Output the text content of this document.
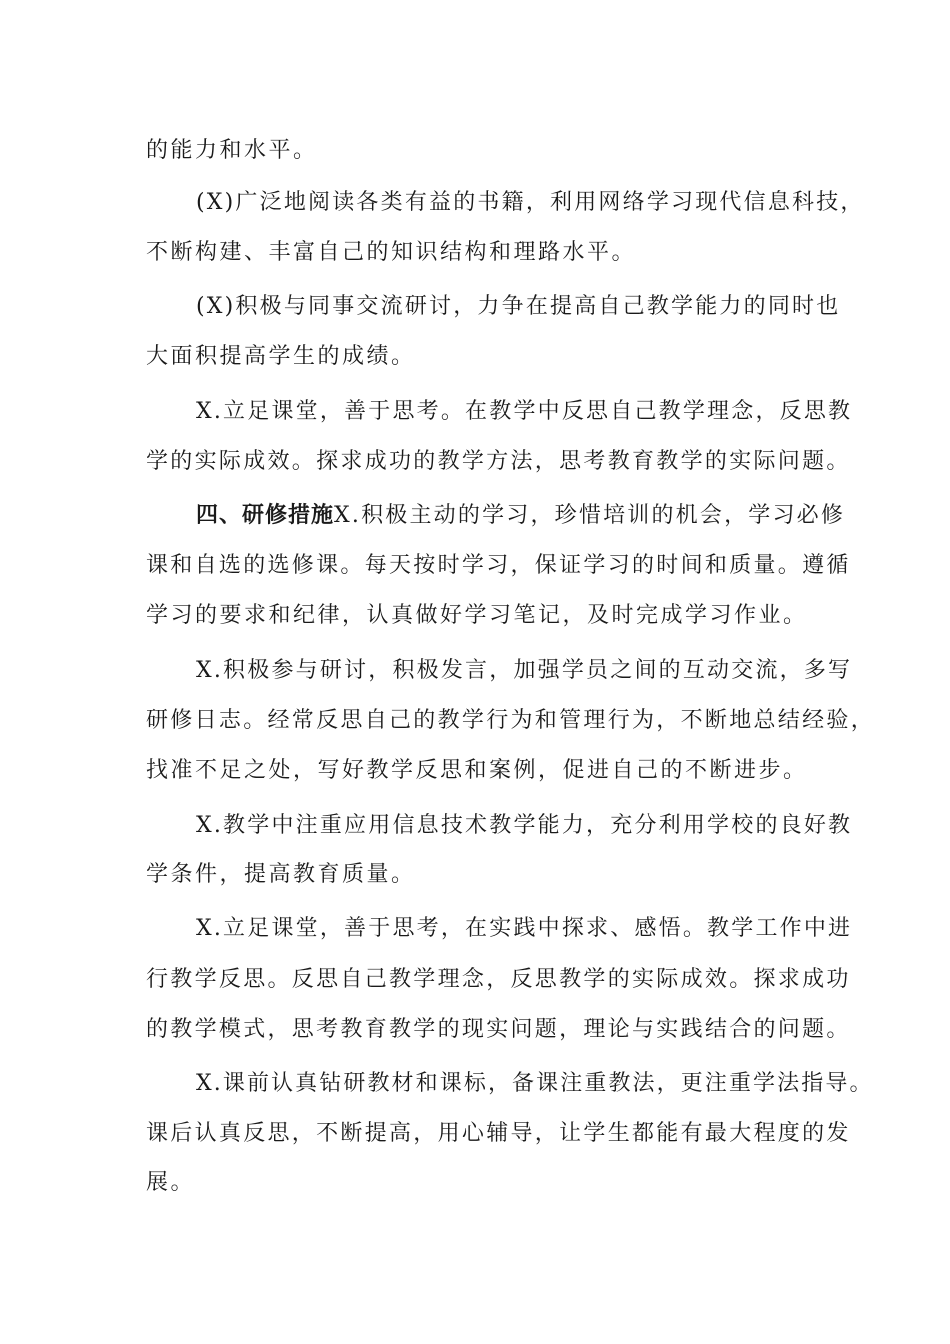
的能力和水平。
(X)广泛地阅读各类有益的书籍，利用网络学习现代信息科技，
不断构建、丰富自己的知识结构和理路水平。
(X)积极与同事交流研讨，力争在提高自己教学能力的同时也
大面积提高学生的成绩。
X.立足课堂，善于思考。在教学中反思自己教学理念，反思教
学的实际成效。探求成功的教学方法，思考教育教学的实际问题。
四、研修措施X.积极主动的学习，珍惜培训的机会，学习必修
课和自选的选修课。每天按时学习，保证学习的时间和质量。遵循
学习的要求和纪律，认真做好学习笔记，及时完成学习作业。
X.积极参与研讨，积极发言，加强学员之间的互动交流，多写
研修日志。经常反思自己的教学行为和管理行为，不断地总结经验，
找准不足之处，写好教学反思和案例，促进自己的不断进步。
X.教学中注重应用信息技术教学能力，充分利用学校的良好教
学条件，提高教育质量。
X.立足课堂，善于思考，在实践中探求、感悟。教学工作中进
行教学反思。反思自己教学理念，反思教学的实际成效。探求成功
的教学模式，思考教育教学的现实问题，理论与实践结合的问题。
X.课前认真钻研教材和课标，备课注重教法，更注重学法指导。
课后认真反思，不断提高，用心辅导，让学生都能有最大程度的发
展。
